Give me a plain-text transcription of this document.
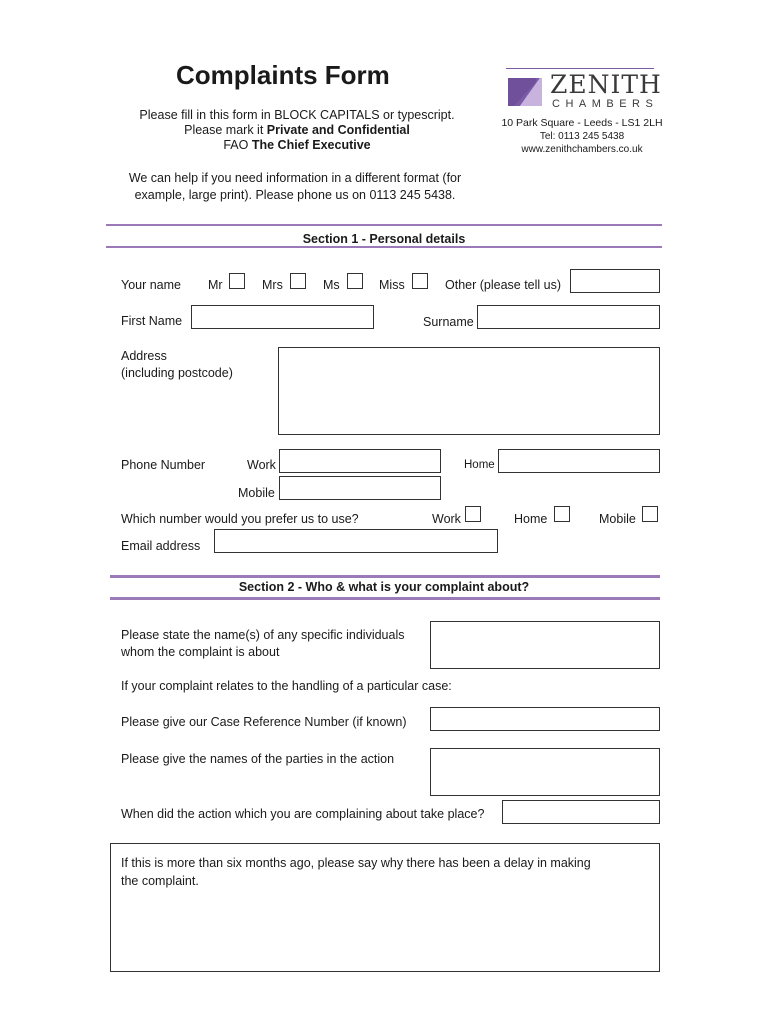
Complaints Form
Please fill in this form in BLOCK CAPITALS or typescript.
Please mark it Private and Confidential
FAO The Chief Executive
ZENITH
CHAMBERS
10 Park Square - Leeds - LS1 2LH
Tel: 0113 245 5438
www.zenithchambers.co.uk
We can help if you need information in a different format (for
example, large print). Please phone us on 0113 245 5438.
Section 1 - Personal details
Your name Mr	Mrs	Ms	Miss	Other (please tell us)
First Name	Surname
Address
(including postcode)
Phone Number	Work	Home
Mobile
Which number would you prefer us to use?	Work	Home	Mobile
Email address
Section 2 - Who & what is your complaint about?
Please state the name(s) of any specific individuals
whom the complaint is about
If your complaint relates to the handling of a particular case:
Please give our Case Reference Number (if known)
Please give the names of the parties in the action
When did the action which you are complaining about take place?
If this is more than six months ago, please say why there has been a delay in making
the complaint.
